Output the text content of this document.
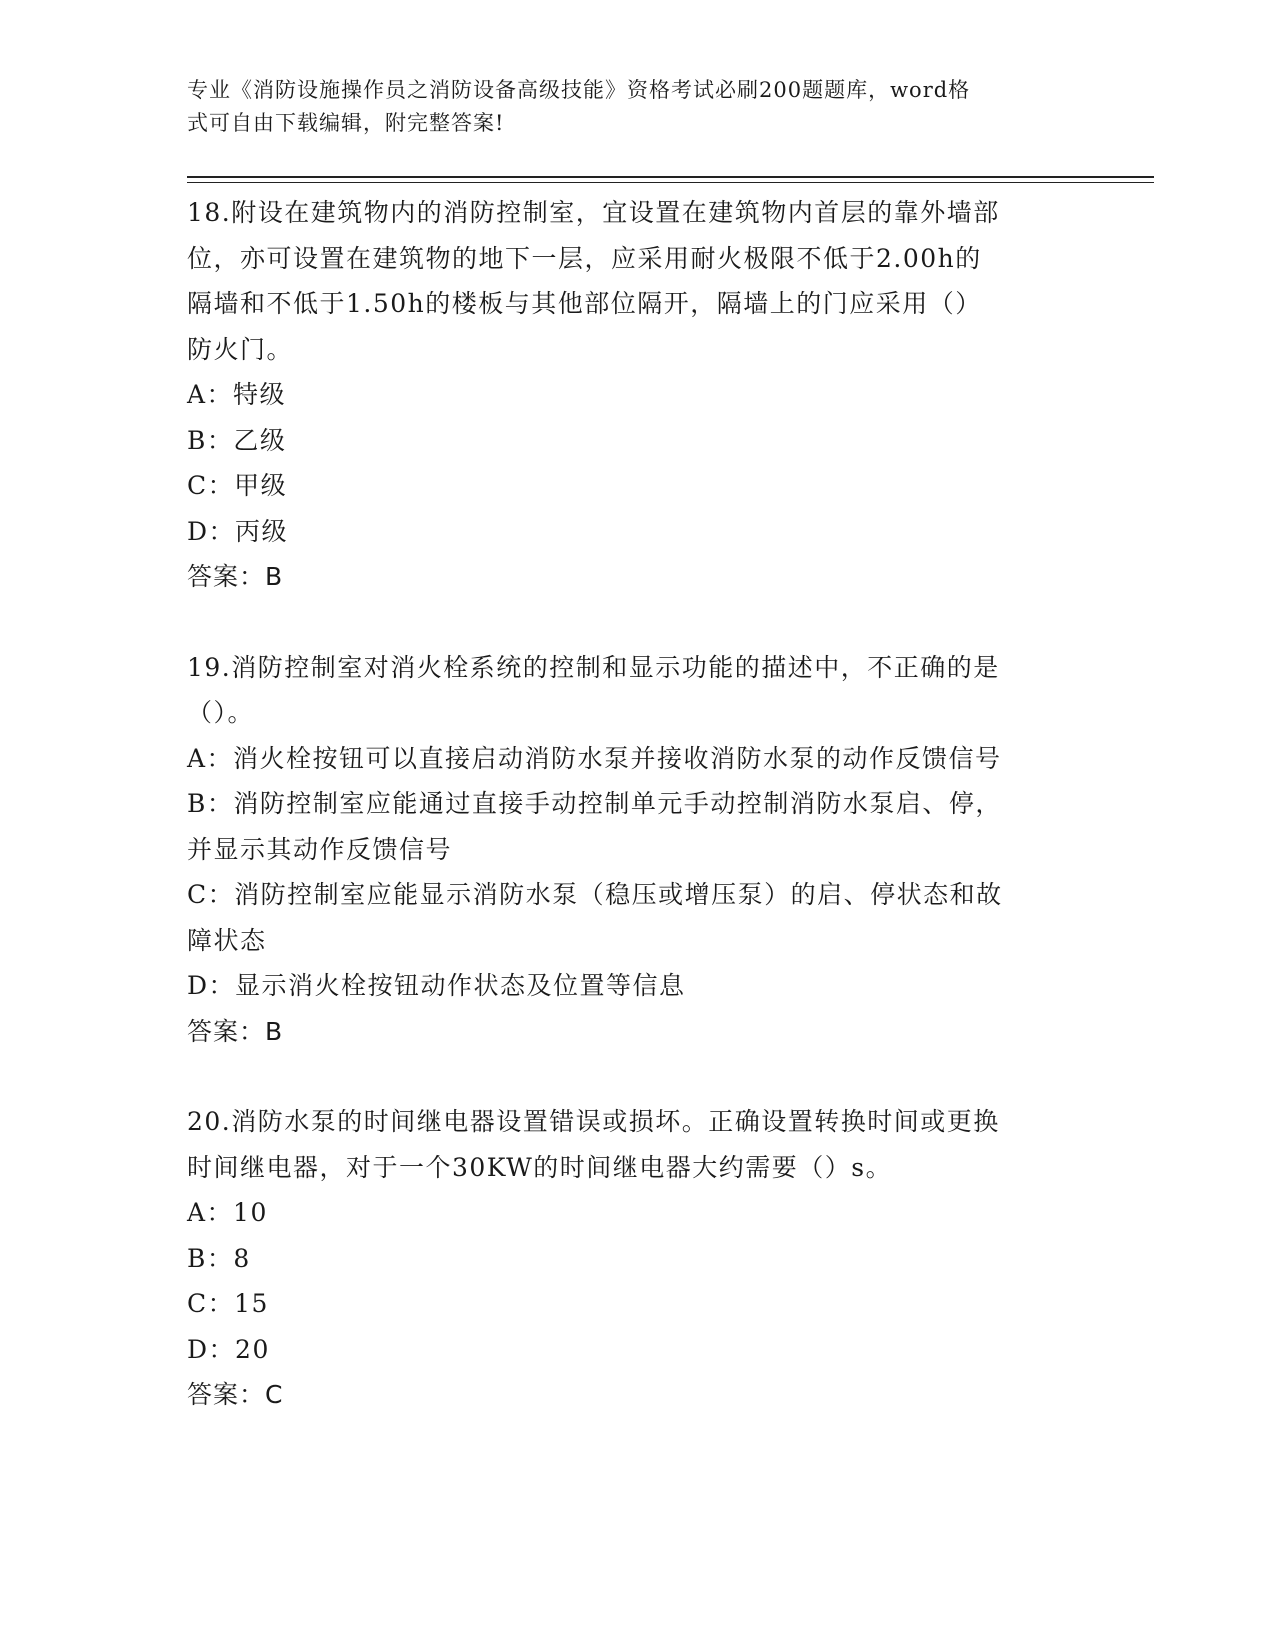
专业《消防设施操作员之消防设备高级技能》资格考试必刷200题题库，word格
式可自由下载编辑，附完整答案!

18.附设在建筑物内的消防控制室，宜设置在建筑物内首层的靠外墙部

位，亦可设置在建筑物的地下一层，应采用耐火极限不低于2.00h的

隔墙和不低于1.50h的楼板与其他部位隔开，隔墙上的门应采用（）

防火门。

A：特级

B：乙级

C：甲级

D：丙级

答案：B

19.消防控制室对消火栓系统的控制和显示功能的描述中，不正确的是

（）。

A：消火栓按钮可以直接启动消防水泵并接收消防水泵的动作反馈信号

B：消防控制室应能通过直接手动控制单元手动控制消防水泵启、停，

并显示其动作反馈信号

C：消防控制室应能显示消防水泵（稳压或增压泵）的启、停状态和故

障状态

D：显示消火栓按钮动作状态及位置等信息

答案：B

20.消防水泵的时间继电器设置错误或损坏。正确设置转换时间或更换

时间继电器，对于一个30KW的时间继电器大约需要（）s。

A：10

B：8

C：15

D：20

答案：C
